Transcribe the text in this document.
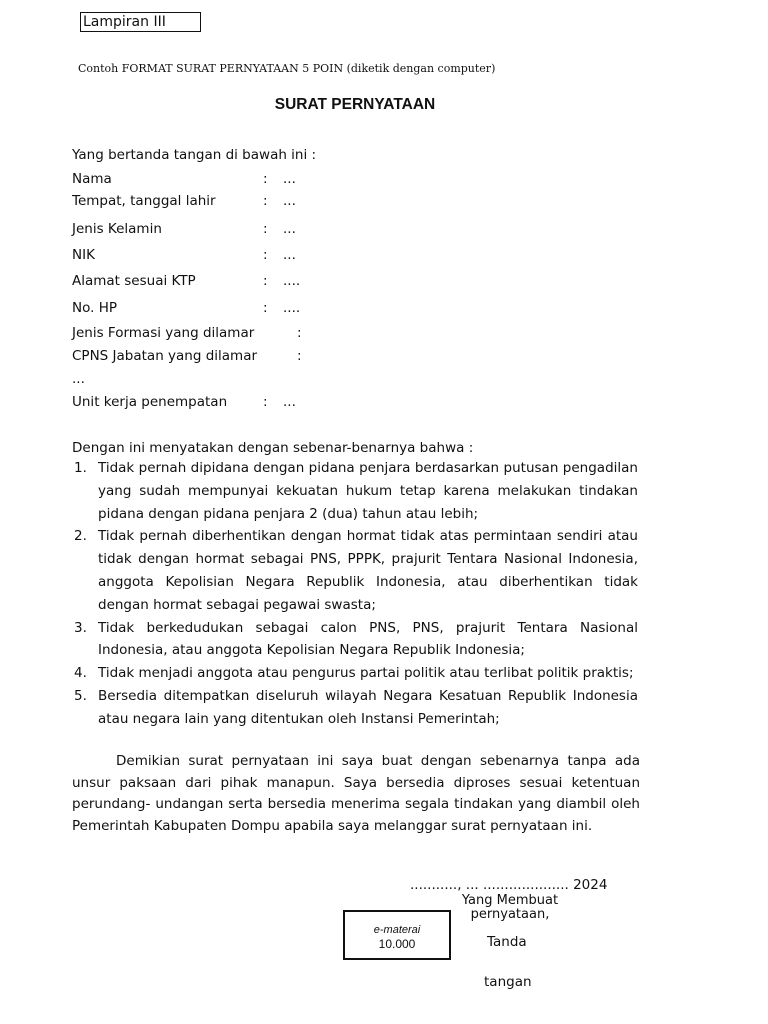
Lampiran III
Contoh FORMAT SURAT PERNYATAAN 5 POIN (diketik dengan computer)
SURAT PERNYATAAN
Yang bertanda tangan di bawah ini :
Nama	: ...
Tempat, tanggal lahir	: ...
Jenis Kelamin	: ...
NIK	: ...
Alamat sesuai KTP	: ....
No. HP	: ....
Jenis Formasi yang dilamar	:
CPNS Jabatan yang dilamar	:
...
Unit kerja penempatan	: ...
Dengan ini menyatakan dengan sebenar-benarnya bahwa :
1. Tidak pernah dipidana dengan pidana penjara berdasarkan putusan pengadilan yang sudah mempunyai kekuatan hukum tetap karena melakukan tindakan pidana dengan pidana penjara 2 (dua) tahun atau lebih;
2. Tidak pernah diberhentikan dengan hormat tidak atas permintaan sendiri atau tidak dengan hormat sebagai PNS, PPPK, prajurit Tentara Nasional Indonesia, anggota Kepolisian Negara Republik Indonesia, atau diberhentikan tidak dengan hormat sebagai pegawai swasta;
3. Tidak berkedudukan sebagai calon PNS, PNS, prajurit Tentara Nasional Indonesia, atau anggota Kepolisian Negara Republik Indonesia;
4. Tidak menjadi anggota atau pengurus partai politik atau terlibat politik praktis;
5. Bersedia ditempatkan diseluruh wilayah Negara Kesatuan Republik Indonesia atau negara lain yang ditentukan oleh Instansi Pemerintah;
Demikian surat pernyataan ini saya buat dengan sebenarnya tanpa ada unsur paksaan dari pihak manapun. Saya bersedia diproses sesuai ketentuan perundang- undangan serta bersedia menerima segala tindakan yang diambil oleh Pemerintah Kabupaten Dompu apabila saya melanggar surat pernyataan ini.
..........., ... .................... 2024
Yang Membuat
pernyataan,
e-materai
10.000	Tanda
tangan
